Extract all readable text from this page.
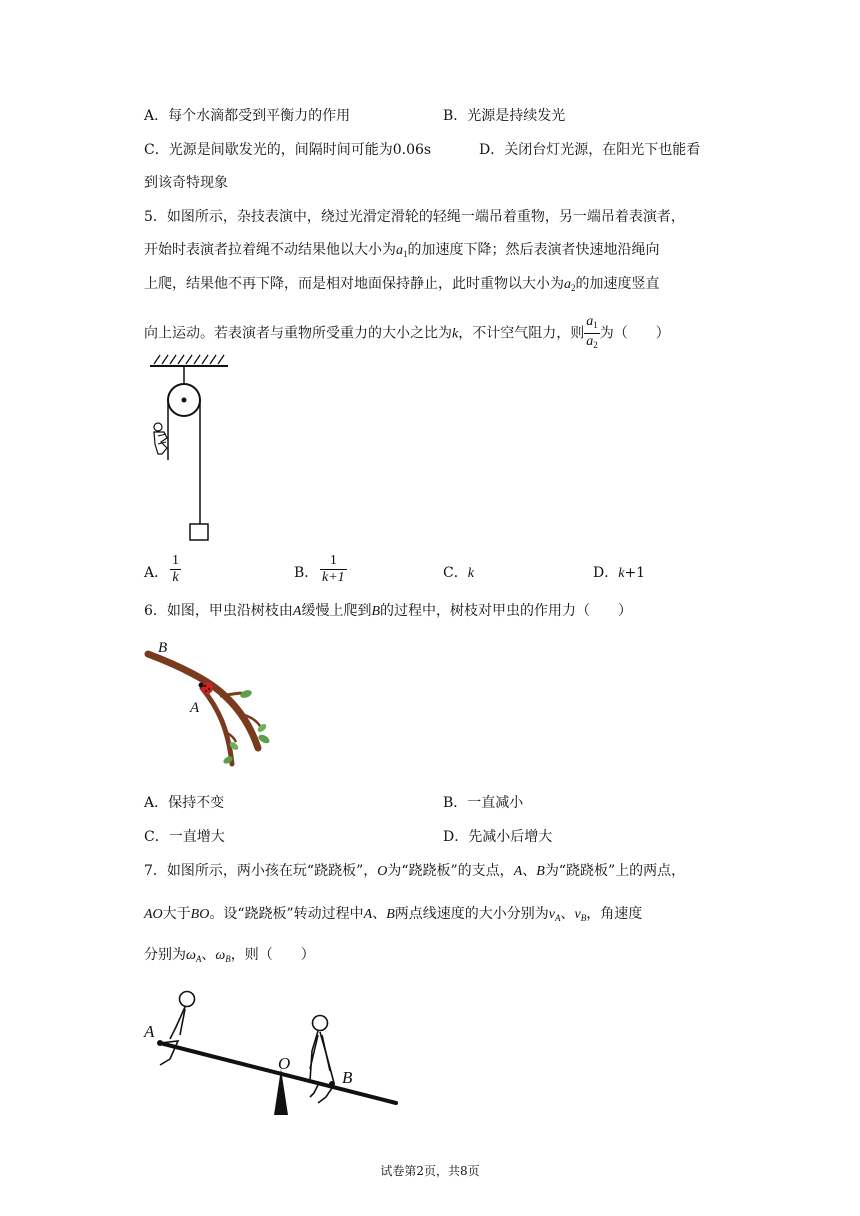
A．每个水滴都受到平衡力的作用	B．光源是持续发光
C．光源是间歇发光的，间隔时间可能为0.06s	D．关闭台灯光源，在阳光下也能看
到该奇特现象
5．如图所示，杂技表演中，绕过光滑定滑轮的轻绳一端吊着重物，另一端吊着表演者，
开始时表演者拉着绳不动结果他以大小为$a_1$的加速度下降；然后表演者快速地沿绳向
上爬，结果他不再下降，而是相对地面保持静止，此时重物以大小为$a_2$的加速度竖直
向上运动。若表演者与重物所受重力的大小之比为k，不计空气阻力，则 $\frac{a_1}{a_2}$ 为（　　）
A． $\frac{1}{k}$	B． $\frac{1}{k+1}$	C．k	D．k+1
6．如图，甲虫沿树枝由A缓慢上爬到B的过程中，树枝对甲虫的作用力（　　）
B
A
A．保持不变	B．一直减小
C．一直增大	D．先减小后增大
7．如图所示，两小孩在玩“跷跷板”，O为“跷跷板”的支点，A、B为“跷跷板”上的两点，
AO大于BO。设“跷跷板”转动过程中A、B两点线速度的大小分别为$v_A$、$v_B$，角速度
分别为$\omega_A$、$\omega_B$，则（　　）
A
O
B
试卷第2页，共8页
